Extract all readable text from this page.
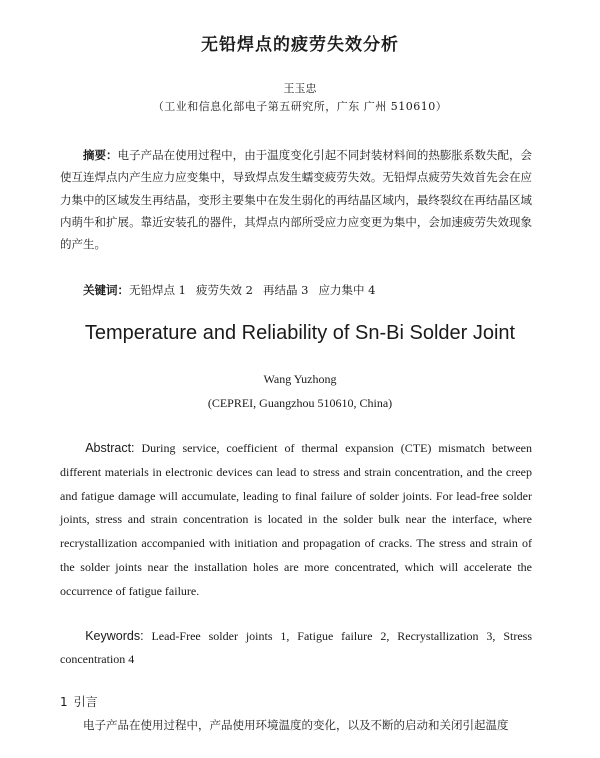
无铅焊点的疲劳失效分析
王玉忠
（工业和信息化部电子第五研究所，广东 广州 510610）
摘要：电子产品在使用过程中，由于温度变化引起不同封装材料间的热膨胀系数失配，会使互连焊点内产生应力应变集中，导致焊点发生蠕变疲劳失效。无铅焊点疲劳失效首先会在应力集中的区域发生再结晶，变形主要集中在发生弱化的再结晶区域内，最终裂纹在再结晶区域内萌牛和扩展。靠近安装孔的器件，其焊点内部所受应力应变更为集中，会加速疲劳失效现象的产生。
关键词：无铅焊点 1 疲劳失效 2 再结晶 3 应力集中 4
Temperature and Reliability of Sn-Bi Solder Joint
Wang Yuzhong
(CEPREI, Guangzhou 510610, China)
Abstract: During service, coefficient of thermal expansion (CTE) mismatch between different materials in electronic devices can lead to stress and strain concentration, and the creep and fatigue damage will accumulate, leading to final failure of solder joints. For lead-free solder joints, stress and strain concentration is located in the solder bulk near the interface, where recrystallization accompanied with initiation and propagation of cracks. The stress and strain of the solder joints near the installation holes are more concentrated, which will accelerate the occurrence of fatigue failure.
Keywords: Lead-Free solder joints 1, Fatigue failure 2, Recrystallization 3, Stress concentration 4
1 引言
电子产品在使用过程中，产品使用环境温度的变化，以及不断的启动和关闭引起温度
